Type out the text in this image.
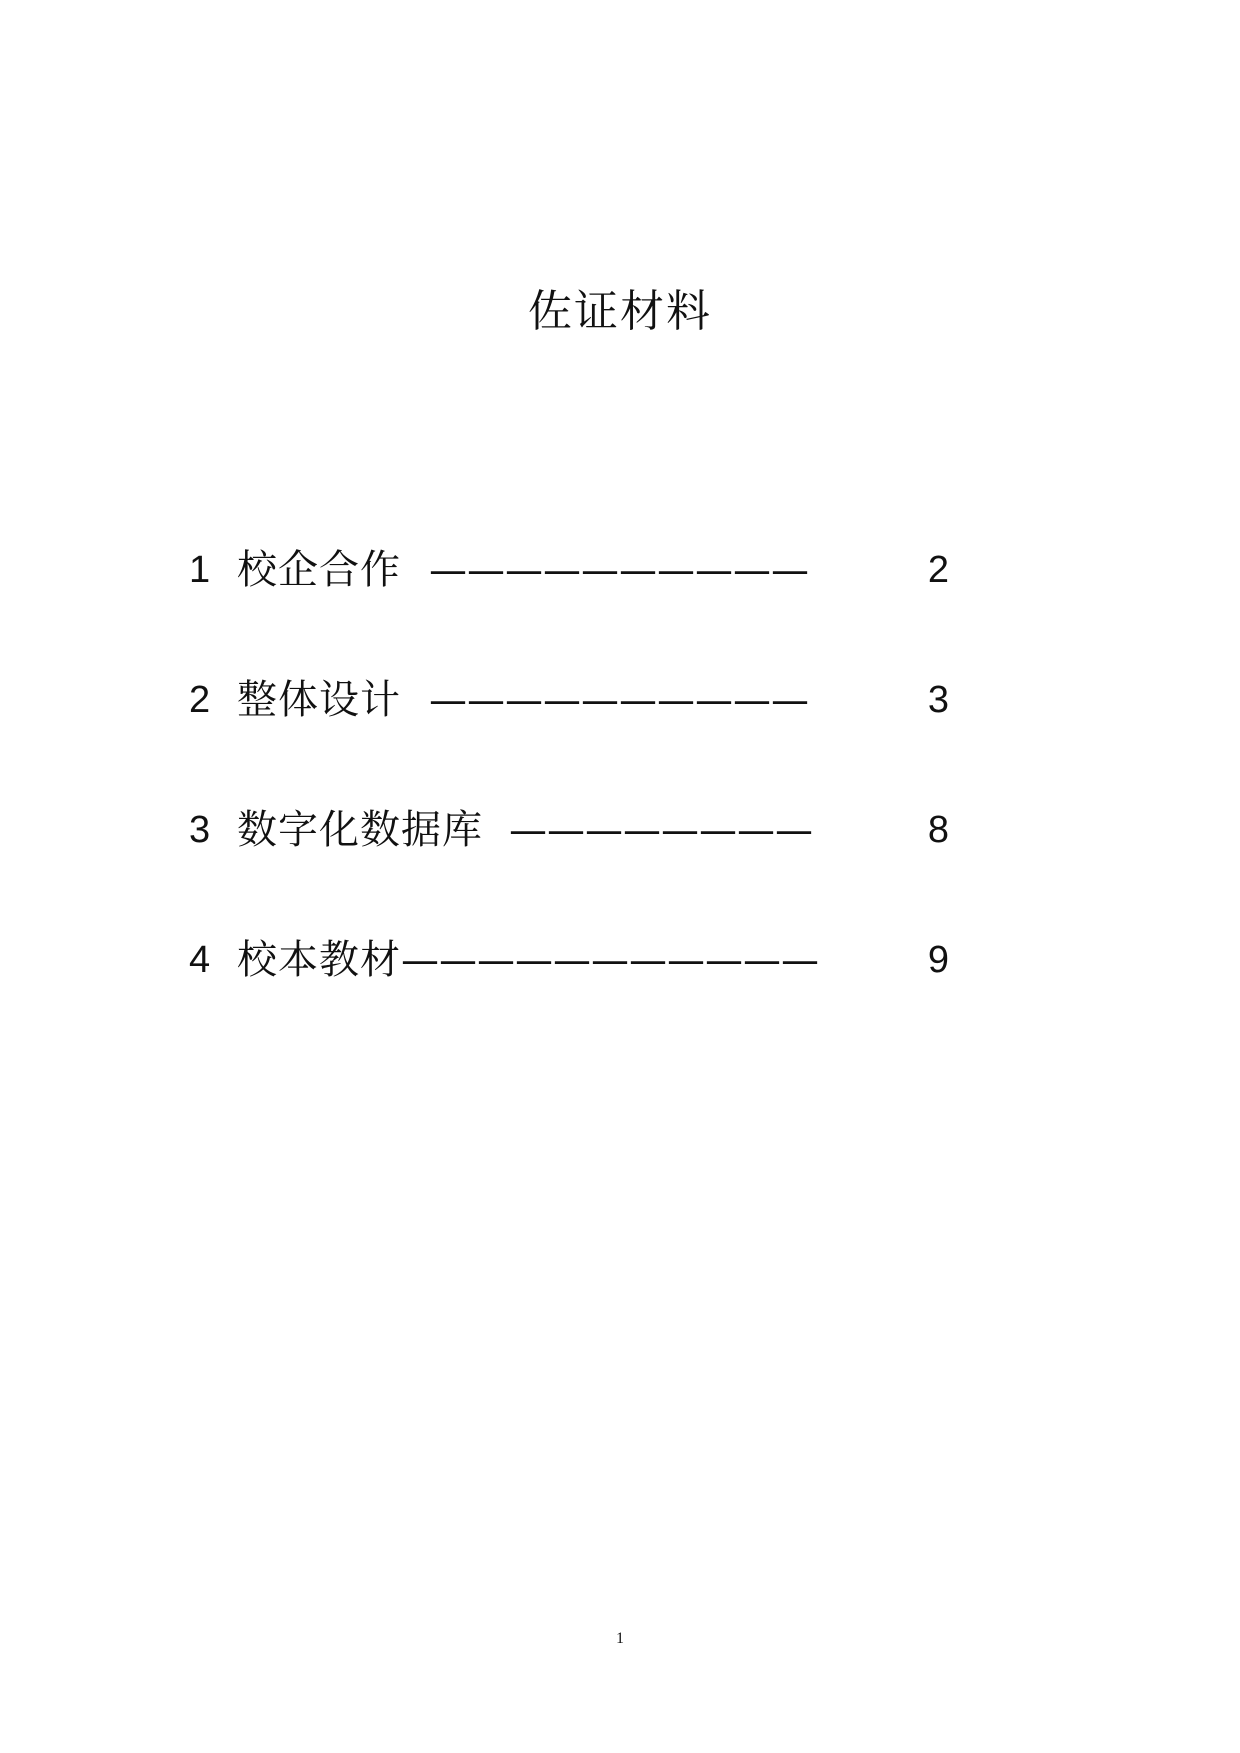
佐证材料
1 校企合作 ——————————	2
2 整体设计 ——————————	3
3 数字化数据库 ————————	8
4 校本教材 ———————————	9
1
